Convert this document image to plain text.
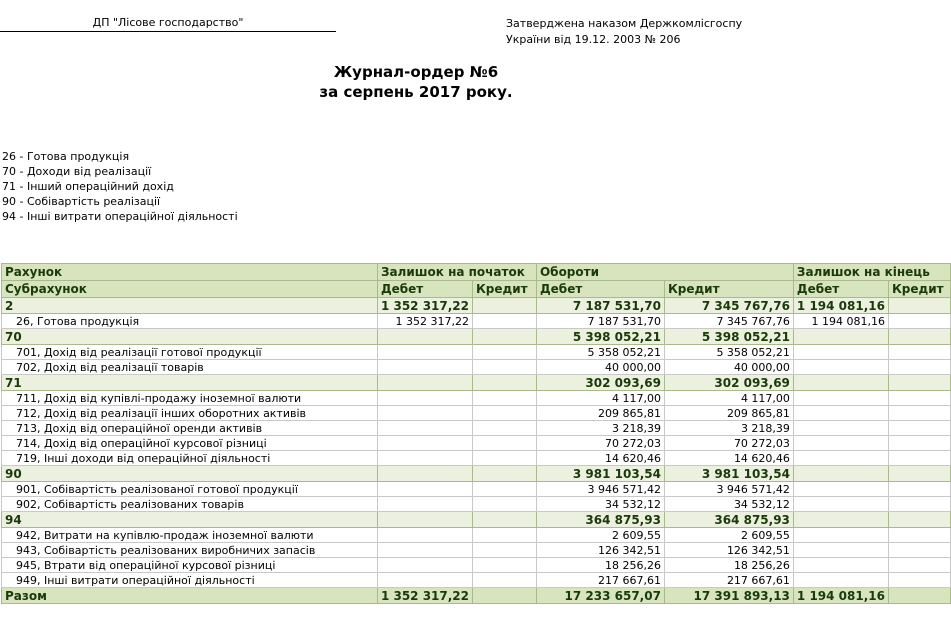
ДП "Лісове господарство"	Затверджена наказом Держкомлісгоспу
України від 19.12. 2003 № 206
Журнал-ордер №6
за серпень 2017 року.
26 - Готова продукція
70 - Доходи від реалізації
71 - Інший операційний дохід
90 - Собівартість реалізації
94 - Інші витрати операційної діяльності
Рахунок	Залишок на початок		Обороти		Залишок на кінець	
Субрахунок	Дебет	Кредит	Дебет	Кредит	Дебет	Кредит
2	1 352 317,22		7 187 531,70	7 345 767,76	1 194 081,16	
26, Готова продукція	1 352 317,22		7 187 531,70	7 345 767,76	1 194 081,16	
70			5 398 052,21	5 398 052,21		
701, Дохід від реалізації готової продукції			5 358 052,21	5 358 052,21		
702, Дохід від реалізації товарів			40 000,00	40 000,00		
71			302 093,69	302 093,69		
711, Дохід від купівлі-продажу іноземної валюти			4 117,00	4 117,00		
712, Дохід від реалізації інших оборотних активів			209 865,81	209 865,81		
713, Дохід від операційної оренди активів			3 218,39	3 218,39		
714, Дохід від операційної курсової різниці			70 272,03	70 272,03		
719, Інші доходи від операційної діяльності			14 620,46	14 620,46		
90			3 981 103,54	3 981 103,54		
901, Собівартість реалізованої готової продукції			3 946 571,42	3 946 571,42		
902, Собівартість реалізованих товарів			34 532,12	34 532,12		
94			364 875,93	364 875,93		
942, Витрати на купівлю-продаж іноземної валюти			2 609,55	2 609,55		
943, Собівартість реалізованих виробничих запасів			126 342,51	126 342,51		
945, Втрати від операційної курсової різниці			18 256,26	18 256,26		
949, Інші витрати операційної діяльності			217 667,61	217 667,61		
Разом	1 352 317,22		17 233 657,07	17 391 893,13	1 194 081,16	
